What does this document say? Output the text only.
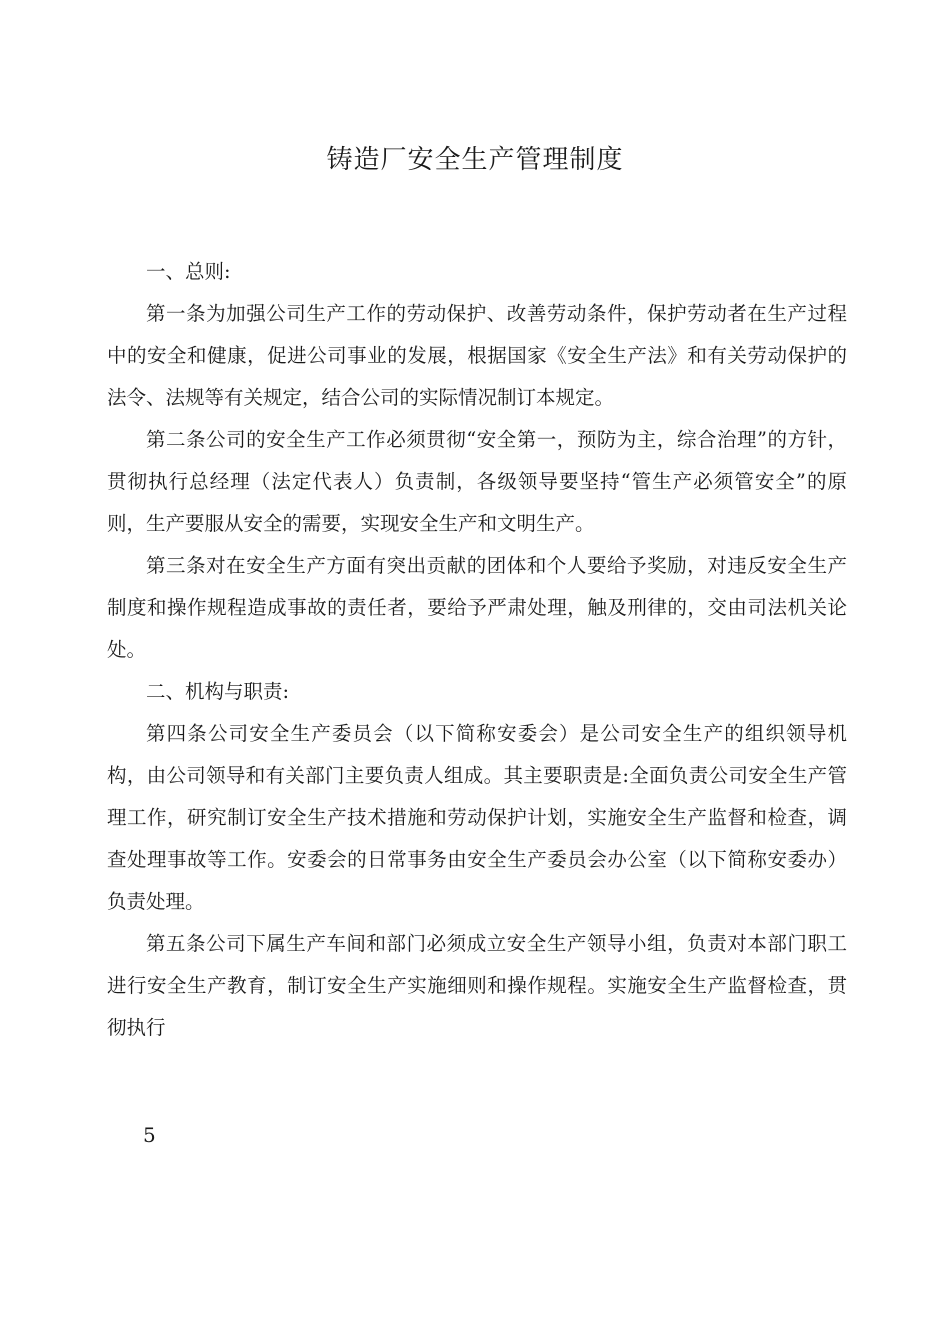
铸造厂安全生产管理制度

一、总则:

第一条为加强公司生产工作的劳动保护、改善劳动条件，保护劳动者在生产过程中的安全和健康，促进公司事业的发展，根据国家《安全生产法》和有关劳动保护的法令、法规等有关规定，结合公司的实际情况制订本规定。

第二条公司的安全生产工作必须贯彻“安全第一，预防为主，综合治理”的方针，贯彻执行总经理（法定代表人）负责制，各级领导要坚持“管生产必须管安全”的原则，生产要服从安全的需要，实现安全生产和文明生产。

第三条对在安全生产方面有突出贡献的团体和个人要给予奖励，对违反安全生产制度和操作规程造成事故的责任者，要给予严肃处理，触及刑律的，交由司法机关论处。

二、机构与职责:

第四条公司安全生产委员会（以下简称安委会）是公司安全生产的组织领导机构，由公司领导和有关部门主要负责人组成。其主要职责是:全面负责公司安全生产管理工作，研究制订安全生产技术措施和劳动保护计划，实施安全生产监督和检查，调查处理事故等工作。安委会的日常事务由安全生产委员会办公室（以下简称安委办）负责处理。

第五条公司下属生产车间和部门必须成立安全生产领导小组，负责对本部门职工进行安全生产教育，制订安全生产实施细则和操作规程。实施安全生产监督检查，贯彻执行

5
